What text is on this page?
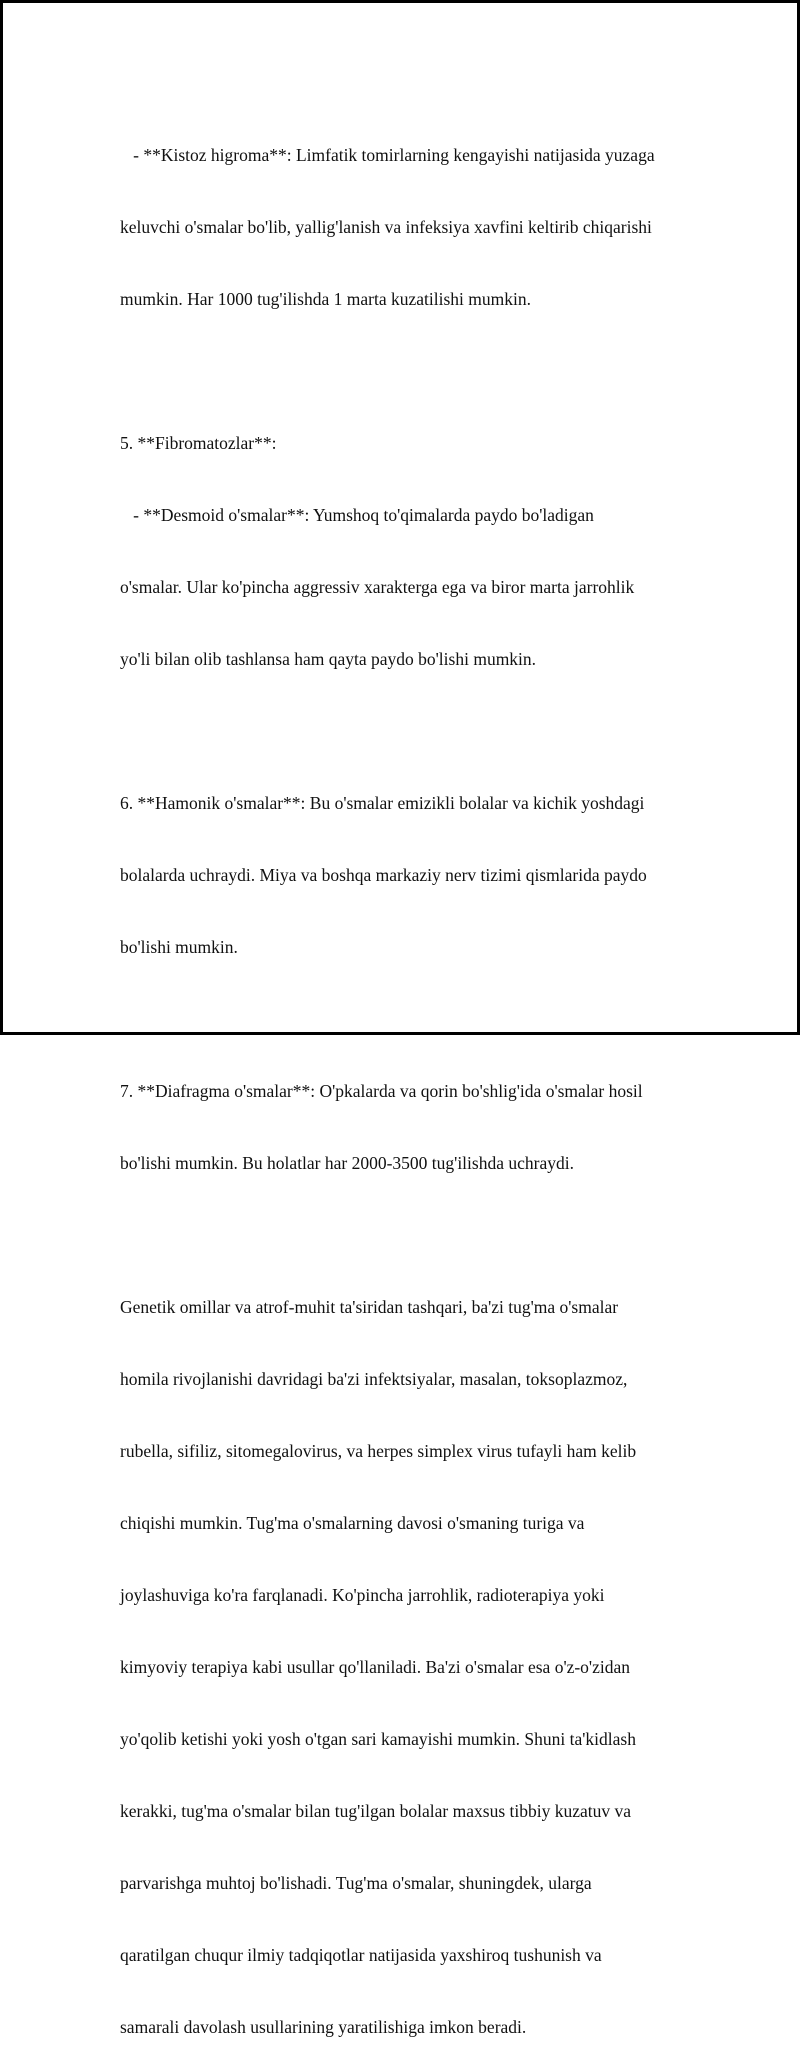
- **Kistoz higroma**: Limfatik tomirlarning kengayishi natijasida yuzaga

keluvchi o'smalar bo'lib, yallig'lanish va infeksiya xavfini keltirib chiqarishi

mumkin. Har 1000 tug'ilishda 1 marta kuzatilishi mumkin.

5. **Fibromatozlar**:

- **Desmoid o'smalar**: Yumshoq to'qimalarda paydo bo'ladigan

o'smalar. Ular ko'pincha aggressiv xarakterga ega va biror marta jarrohlik

yo'li bilan olib tashlansa ham qayta paydo bo'lishi mumkin.

6. **Hamonik o'smalar**: Bu o'smalar emizikli bolalar va kichik yoshdagi

bolalarda uchraydi. Miya va boshqa markaziy nerv tizimi qismlarida paydo

bo'lishi mumkin.

7. **Diafragma o'smalar**: O'pkalarda va qorin bo'shlig'ida o'smalar hosil

bo'lishi mumkin. Bu holatlar har 2000-3500 tug'ilishda uchraydi.

Genetik omillar va atrof-muhit ta'siridan tashqari, ba'zi tug'ma o'smalar

homila rivojlanishi davridagi ba'zi infektsiyalar, masalan, toksoplazmoz,

rubella, sifiliz, sitomegalovirus, va herpes simplex virus tufayli ham kelib

chiqishi mumkin. Tug'ma o'smalarning davosi o'smaning turiga va

joylashuviga ko'ra farqlanadi. Ko'pincha jarrohlik, radioterapiya yoki

kimyoviy terapiya kabi usullar qo'llaniladi. Ba'zi o'smalar esa o'z-o'zidan

yo'qolib ketishi yoki yosh o'tgan sari kamayishi mumkin. Shuni ta'kidlash

kerakki, tug'ma o'smalar bilan tug'ilgan bolalar maxsus tibbiy kuzatuv va

parvarishga muhtoj bo'lishadi. Tug'ma o'smalar, shuningdek, ularga

qaratilgan chuqur ilmiy tadqiqotlar natijasida yaxshiroq tushunish va

samarali davolash usullarining yaratilishiga imkon beradi.
